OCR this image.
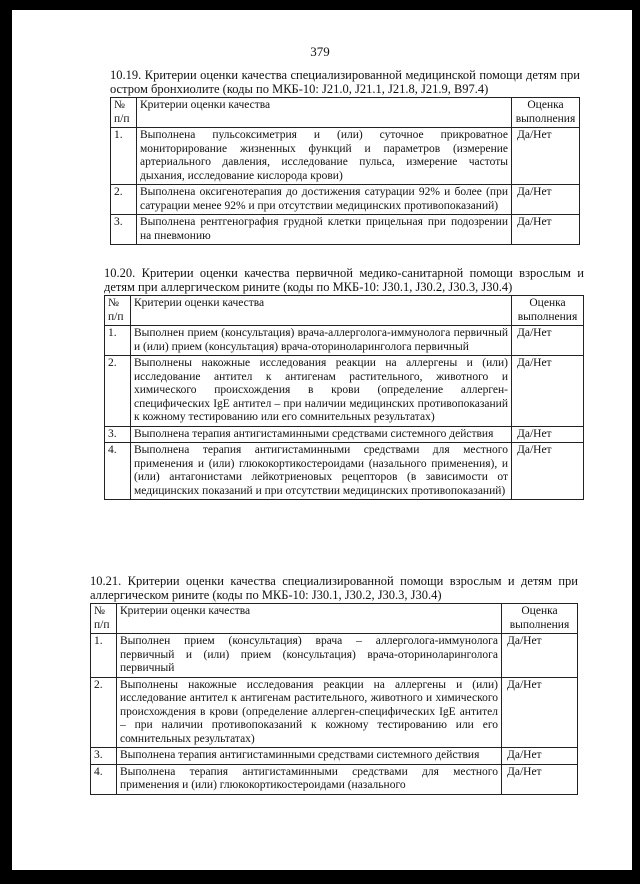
379

10.19. Критерии оценки качества специализированной медицинской помощи детям при остром бронхиолите (коды по МКБ-10: J21.0, J21.1, J21.8, J21.9, B97.4)

№ п/п	Критерии оценки качества	Оценка выполнения
1.	Выполнена пульсоксиметрия и (или) суточное прикроватное мониторирование жизненных функций и параметров (измерение артериального давления, исследование пульса, измерение частоты дыхания, исследование кислорода крови)	Да/Нет
2.	Выполнена оксигенотерапия до достижения сатурации 92% и более (при сатурации менее 92% и при отсутствии медицинских противопоказаний)	Да/Нет
3.	Выполнена рентгенография грудной клетки прицельная при подозрении на пневмонию	Да/Нет

10.20. Критерии оценки качества первичной медико-санитарной помощи взрослым и детям при аллергическом рините (коды по МКБ-10: J30.1, J30.2, J30.3, J30.4)

№ п/п	Критерии оценки качества	Оценка выполнения
1.	Выполнен прием (консультация) врача-аллерголога-иммунолога первичный и (или) прием (консультация) врача-оториноларинголога первичный	Да/Нет
2.	Выполнены накожные исследования реакции на аллергены и (или) исследование антител к антигенам растительного, животного и химического происхождения в крови (определение аллерген-специфических IgE антител – при наличии медицинских противопоказаний к кожному тестированию или его сомнительных результатах)	Да/Нет
3.	Выполнена терапия антигистаминными средствами системного действия	Да/Нет
4.	Выполнена терапия антигистаминными средствами для местного применения и (или) глюкокортикостероидами (назального применения), и (или) антагонистами лейкотриеновых рецепторов (в зависимости от медицинских показаний и при отсутствии медицинских противопоказаний)	Да/Нет

10.21. Критерии оценки качества специализированной помощи взрослым и детям при аллергическом рините (коды по МКБ-10: J30.1, J30.2, J30.3, J30.4)

№ п/п	Критерии оценки качества	Оценка выполнения
1.	Выполнен прием (консультация) врача – аллерголога-иммунолога первичный и (или) прием (консультация) врача-оториноларинголога первичный	Да/Нет
2.	Выполнены накожные исследования реакции на аллергены и (или) исследование антител к антигенам растительного, животного и химического происхождения в крови (определение аллерген-специфических IgE антител – при наличии противопоказаний к кожному тестированию или его сомнительных результатах)	Да/Нет
3.	Выполнена терапия антигистаминными средствами системного действия	Да/Нет
4.	Выполнена терапия антигистаминными средствами для местного применения и (или) глюкокортикостероидами (назального	Да/Нет
